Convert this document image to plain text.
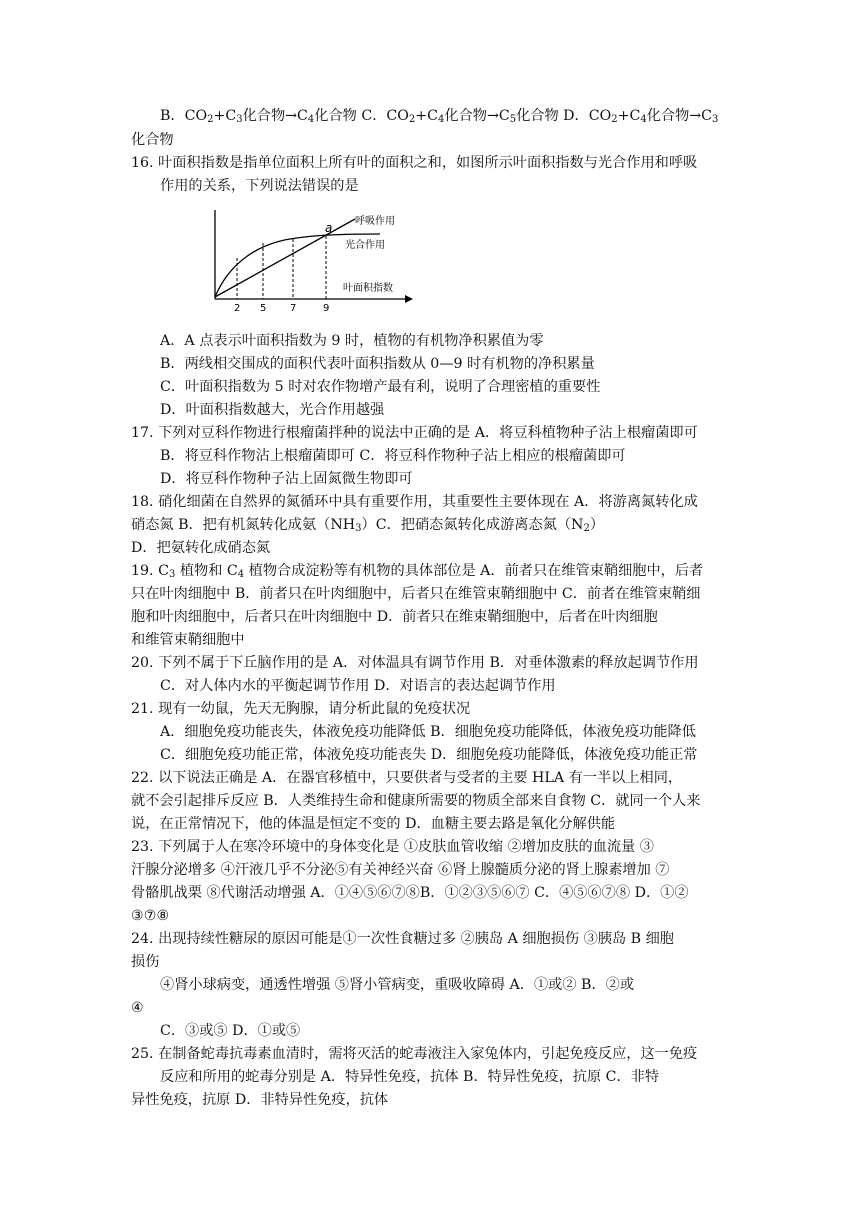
B．$CO_2+C_3$化合物$\to C_4$化合物 C．$CO_2+C_4$化合物$\to C_5$化合物 D．$CO_2+C_4$化合物$\to C_3$
化合物
16. 叶面积指数是指单位面积上所有叶的面积之和，如图所示叶面积指数与光合作用和呼吸
作用的关系，下列说法错误的是
a 呼吸作用
光合作用
叶面积指数
2 5 7	9
A．A 点表示叶面积指数为 9 时，植物的有机物净积累值为零
B．两线相交围成的面积代表叶面积指数从 0—9 时有机物的净积累量
C．叶面积指数为 5 时对农作物增产最有利，说明了合理密植的重要性
D．叶面积指数越大，光合作用越强
17. 下列对豆科作物进行根瘤菌拌种的说法中正确的是 A．将豆科植物种子沾上根瘤菌即可
B．将豆科作物沾上根瘤菌即可 C．将豆科作物种子沾上相应的根瘤菌即可
D．将豆科作物种子沾上固氮微生物即可
18. 硝化细菌在自然界的氮循环中具有重要作用，其重要性主要体现在 A．将游离氮转化成
硝态氮 B．把有机氮转化成氨$(NH_3)C$．把硝态氮转化成游离态氮$(N_2)$
D．把氨转化成硝态氮
19. $C_3$ 植物和 $C_4$ 植物合成淀粉等有机物的具体部位是 A．前者只在维管束鞘细胞中，后者
只在叶肉细胞中 B．前者只在叶肉细胞中，后者只在维管束鞘细胞中 C．前者在维管束鞘细
胞和叶肉细胞中，后者只在叶肉细胞中 D．前者只在维束鞘细胞中，后者在叶肉细胞
和维管束鞘细胞中
20. 下列不属于下丘脑作用的是 A．对体温具有调节作用 B．对垂体激素的释放起调节作用
C．对人体内水的平衡起调节作用 D．对语言的表达起调节作用
21. 现有一幼鼠，先天无胸腺，请分析此鼠的免疫状况
A．细胞免疫功能丧失，体液免疫功能降低 B．细胞免疫功能降低，体液免疫功能降低
C．细胞免疫功能正常，体液免疫功能丧失 D．细胞免疫功能降低，体液免疫功能正常
22. 以下说法正确是 A．在器官移植中，只要供者与受者的主要 HLA 有一半以上相同，
就不会引起排斥反应 B．人类维持生命和健康所需要的物质全部来自食物 C．就同一个人来
说，在正常情况下，他的体温是恒定不变的 D．血糖主要去路是氧化分解供能
23. 下列属于人在寒冷环境中的身体变化是 ①皮肤血管收缩 ②增加皮肤的血流量 ③
汗腺分泌增多 ④汗液几乎不分泌⑤有关神经兴奋 ⑥肾上腺髓质分泌的肾上腺素增加 ⑦
骨骼肌战栗 ⑧代谢活动增强 A．①④⑤⑥⑦⑧B．①②③⑤⑥⑦ C．④⑤⑥⑦⑧ D．①②
③⑦⑧
24. 出现持续性糖尿的原因可能是①一次性食糖过多 ②胰岛 A 细胞损伤 ③胰岛 B 细胞
损伤
④肾小球病变，通透性增强 ⑤肾小管病变，重吸收障碍 A．①或② B．②或
④
C．③或⑤ D．①或⑤
25. 在制备蛇毒抗毒素血清时，需将灭活的蛇毒液注入家兔体内，引起免疫反应，这一免疫
反应和所用的蛇毒分别是 A．特异性免疫，抗体 B．特异性免疫，抗原 C．非特
异性免疫，抗原 D．非特异性免疫，抗体
